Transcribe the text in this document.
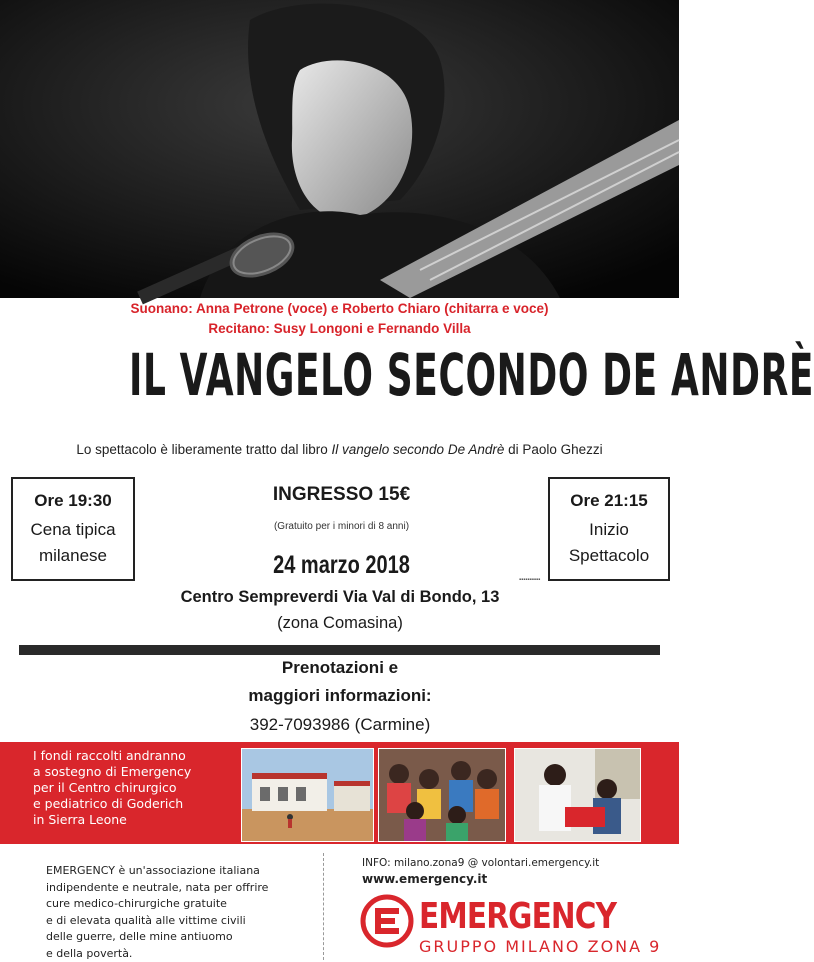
Suonano: Anna Petrone (voce) e Roberto Chiaro (chitarra e voce)
Recitano: Susy Longoni e Fernando Villa
IL VANGELO SECONDO DE ANDRÈ
Lo spettacolo è liberamente tratto dal libro Il vangelo secondo De Andrè di Paolo Ghezzi
Ore 19:30
Cena tipica
milanese
Ore 21:15
Inizio
Spettacolo
INGRESSO 15€
(Gratuito per i minori di 8 anni)
24 marzo 2018
▪▪▪▪▪▪▪▪▪▪
Centro Sempreverdi Via Val di Bondo, 13
(zona Comasina)
Prenotazioni e
maggiori informazioni:
392-7093986 (Carmine)
I fondi raccolti andranno
a sostegno di Emergency
per il Centro chirurgico
e pediatrico di Goderich
in Sierra Leone
EMERGENCY è un'associazione italiana
indipendente e neutrale, nata per offrire
cure medico-chirurgiche gratuite
e di elevata qualità alle vittime civili
delle guerre, delle mine antiuomo
e della povertà.
INFO: milano.zona9 @ volontari.emergency.it
www.emergency.it
EMERGENCY
GRUPPO MILANO ZONA 9
